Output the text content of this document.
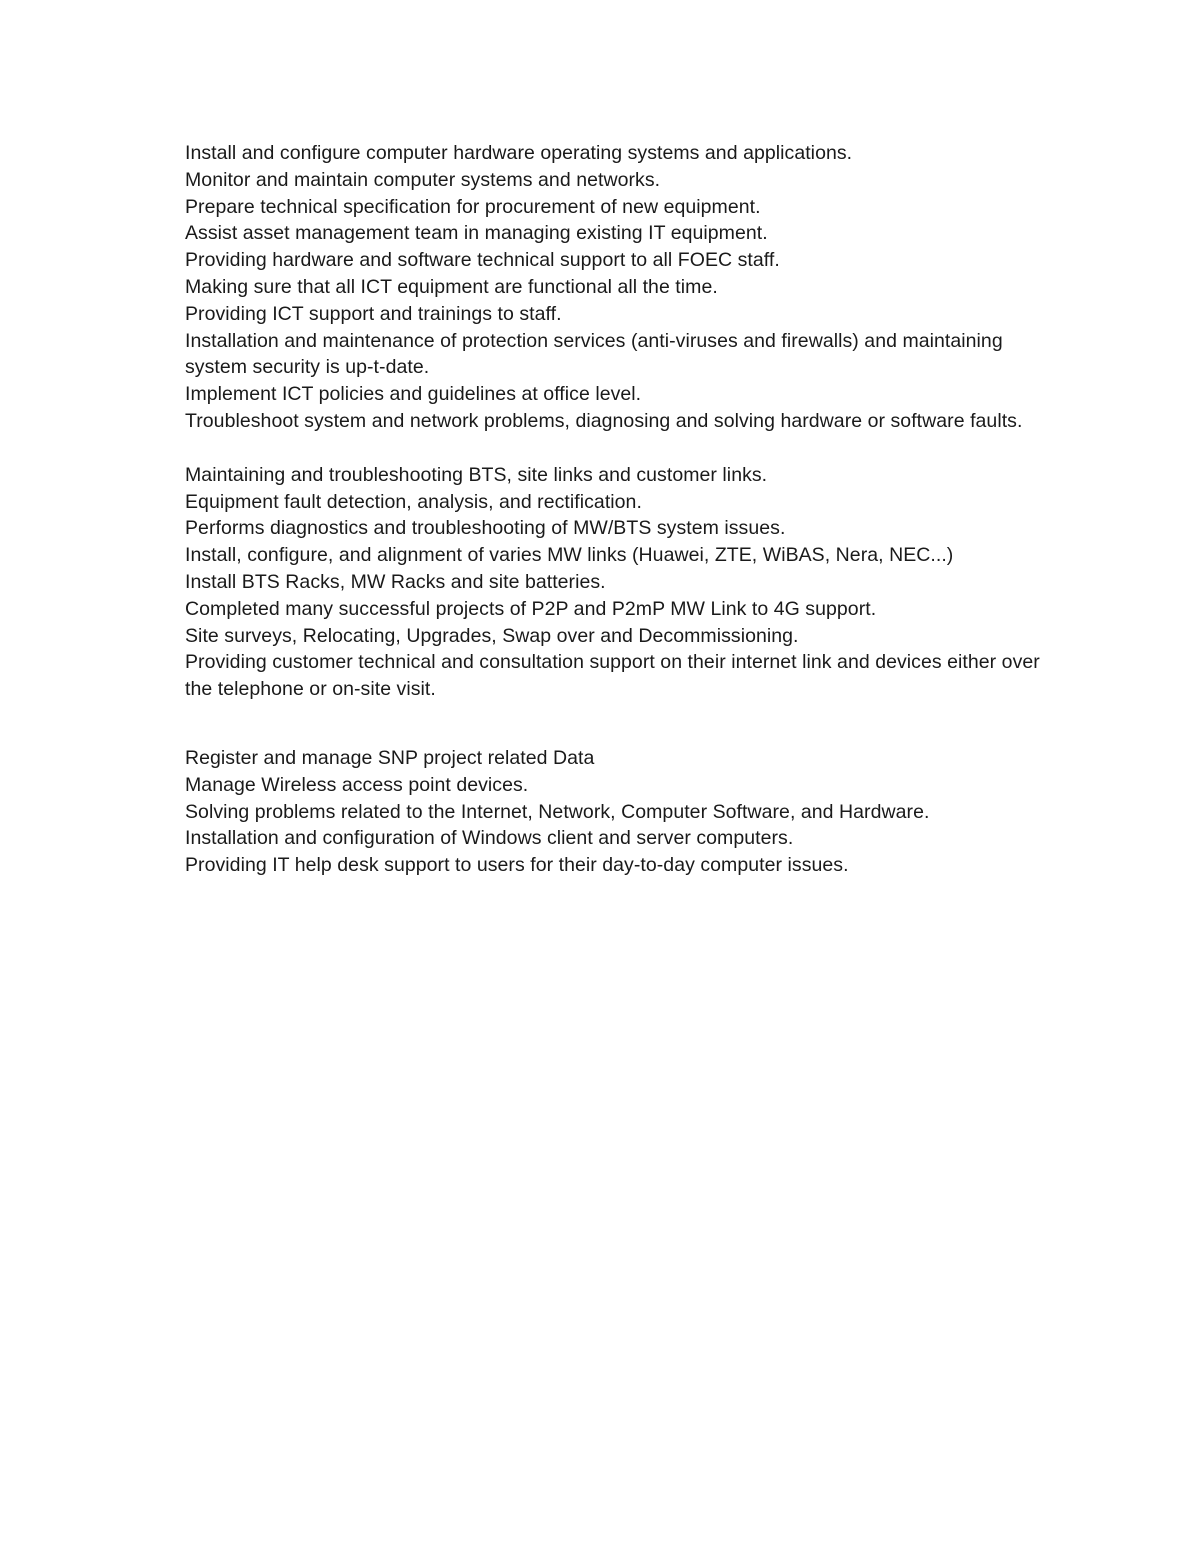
Install and configure computer hardware operating systems and applications.
Monitor and maintain computer systems and networks.
Prepare technical specification for procurement of new equipment.
Assist asset management team in managing existing IT equipment.
Providing hardware and software technical support to all FOEC staff.
Making sure that all ICT equipment are functional all the time.
Providing ICT support and trainings to staff.
Installation and maintenance of protection services (anti-viruses and firewalls) and maintaining system security is up-t-date.
Implement ICT policies and guidelines at office level.
Troubleshoot system and network problems, diagnosing and solving hardware or software faults.
Maintaining and troubleshooting BTS, site links and customer links.
Equipment fault detection, analysis, and rectification.
Performs diagnostics and troubleshooting of MW/BTS system issues.
Install, configure, and alignment of varies MW links (Huawei, ZTE, WiBAS, Nera, NEC...)
Install BTS Racks, MW Racks and site batteries.
Completed many successful projects of P2P and P2mP MW Link to 4G support.
Site surveys, Relocating, Upgrades, Swap over and Decommissioning.
Providing customer technical and consultation support on their internet link and devices either over the telephone or on-site visit.
Register and manage SNP project related Data
Manage Wireless access point devices.
Solving problems related to the Internet, Network, Computer Software, and Hardware.
Installation and configuration of Windows client and server computers.
Providing IT help desk support to users for their day-to-day computer issues.
